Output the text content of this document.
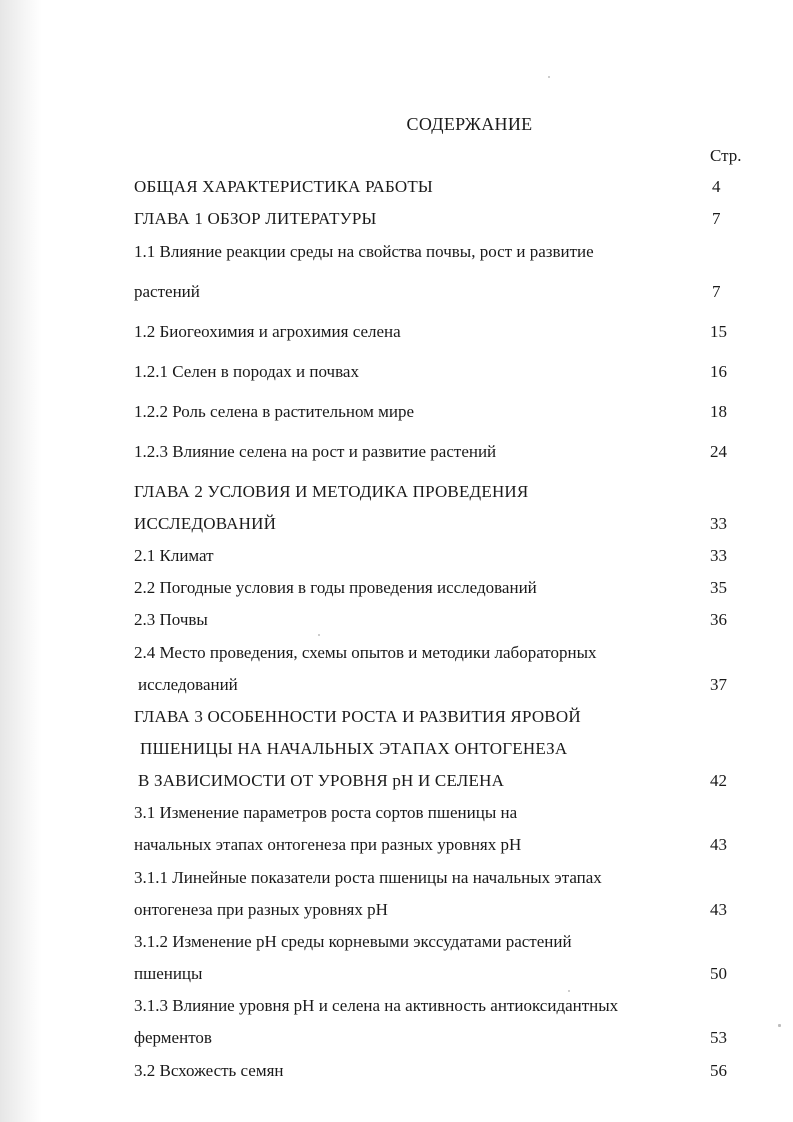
СОДЕРЖАНИЕ
Стр.
ОБЩАЯ ХАРАКТЕРИСТИКА РАБОТЫ	4
ГЛАВА 1 ОБЗОР ЛИТЕРАТУРЫ	7
1.1 Влияние реакции среды на свойства почвы, рост и развитие
растений	7
1.2 Биогеохимия и агрохимия селена	15
1.2.1 Селен в породах и почвах	16
1.2.2 Роль селена в растительном мире	18
1.2.3 Влияние селена на рост и развитие растений	24
ГЛАВА 2 УСЛОВИЯ И МЕТОДИКА ПРОВЕДЕНИЯ
ИССЛЕДОВАНИЙ	33
2.1 Климат	33
2.2 Погодные условия в годы проведения исследований	35
2.3 Почвы	36
2.4 Место проведения, схемы опытов и методики лабораторных
исследований	37
ГЛАВА 3 ОСОБЕННОСТИ РОСТА И РАЗВИТИЯ ЯРОВОЙ
ПШЕНИЦЫ НА НАЧАЛЬНЫХ ЭТАПАХ ОНТОГЕНЕЗА
В ЗАВИСИМОСТИ ОТ УРОВНЯ рН И СЕЛЕНА	42
3.1 Изменение параметров роста сортов пшеницы на
начальных этапах онтогенеза при разных уровнях рН	43
3.1.1 Линейные показатели роста пшеницы на начальных этапах
онтогенеза при разных уровнях рН	43
3.1.2 Изменение рН среды корневыми экссудатами растений
пшеницы	50
3.1.3 Влияние уровня рН и селена на активность антиоксидантных
ферментов	53
3.2 Всхожесть семян	56
